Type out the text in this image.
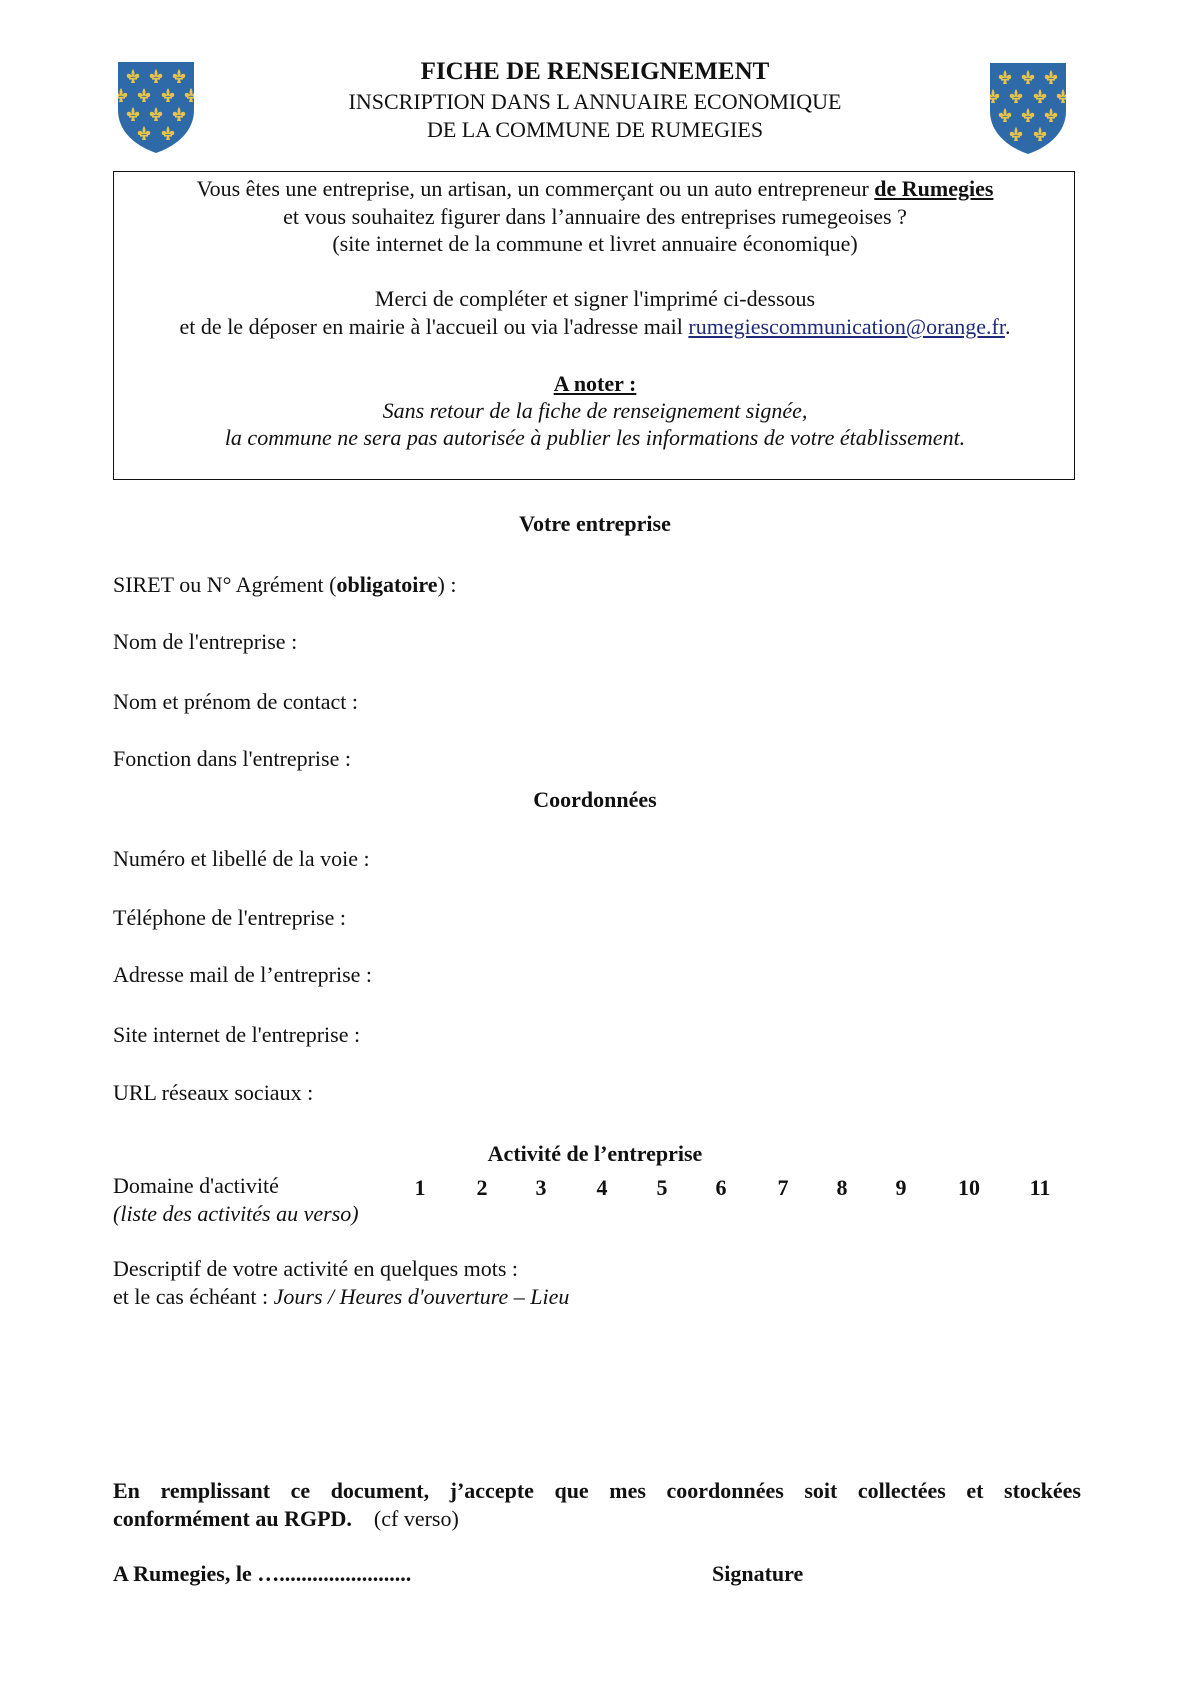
FICHE DE RENSEIGNEMENT
INSCRIPTION DANS L ANNUAIRE ECONOMIQUE
DE LA COMMUNE DE RUMEGIES
Vous êtes une entreprise, un artisan, un commerçant ou un auto entrepreneur de Rumegies
et vous souhaitez figurer dans l’annuaire des entreprises rumegeoises ?
(site internet de la commune et livret annuaire économique)
Merci de compléter et signer l'imprimé ci-dessous
et de le déposer en mairie à l'accueil ou via l'adresse mail rumegiescommunication@orange.fr.
A noter :
Sans retour de la fiche de renseignement signée,
la commune ne sera pas autorisée à publier les informations de votre établissement.
Votre entreprise
SIRET ou N° Agrément (obligatoire) :
Nom de l'entreprise :
Nom et prénom de contact :
Fonction dans l'entreprise :
Coordonnées
Numéro et libellé de la voie :
Téléphone de l'entreprise :
Adresse mail de l’entreprise :
Site internet de l'entreprise :
URL réseaux sociaux :
Activité de l’entreprise
Domaine d'activité
(liste des activités au verso)
1	2	3	4	5	6	7	8	9	10	11
Descriptif de votre activité en quelques mots :
et le cas échéant : Jours / Heures d'ouverture – Lieu
En remplissant ce document, j’accepte que mes coordonnées soit collectées et stockées
conformément au RGPD. (cf verso)
A Rumegies, le …........................	Signature
